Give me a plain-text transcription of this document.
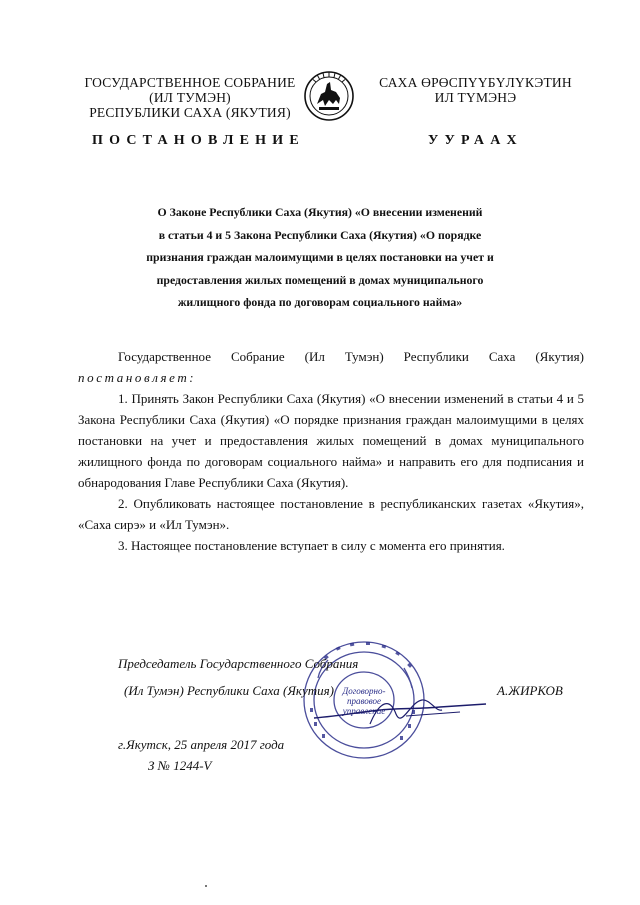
ГОСУДАРСТВЕННОЕ СОБРАНИЕ
(ИЛ ТУМЭН)
РЕСПУБЛИКИ САХА (ЯКУТИЯ)
САХА ӨРӨСПҮҮБҮЛҮКЭТИН
ИЛ ТҮМЭНЭ
ПОСТАНОВЛЕНИЕ	УУРААХ
О Законе Республики Саха (Якутия) «О внесении изменений
в статьи 4 и 5 Закона Республики Саха (Якутия) «О порядке
признания граждан малоимущими в целях постановки на учет и
предоставления жилых помещений в домах муниципального
жилищного фонда по договорам социального найма»

Государственное Собрание (Ил Тумэн) Республики Саха (Якутия)

постановляет:

1. Принять Закон Республики Саха (Якутия) «О внесении изменений в статьи 4 и 5 Закона Республики Саха (Якутия) «О порядке признания граждан малоимущими в целях постановки на учет и предоставления жилых помещений в домах муниципального жилищного фонда по договорам социального найма» и направить его для подписания и обнародования Главе Республики Саха (Якутия).

2. Опубликовать настоящее постановление в республиканских газетах «Якутия», «Саха сирэ» и «Ил Тумэн».

3. Настоящее постановление вступает в силу с момента его принятия.

Договорно-
правовое
управление
Председатель Государственного Собрания
(Ил Тумэн) Республики Саха (Якутия)	А.ЖИРКОВ
г.Якутск, 25 апреля 2017 года
З № 1244-V
